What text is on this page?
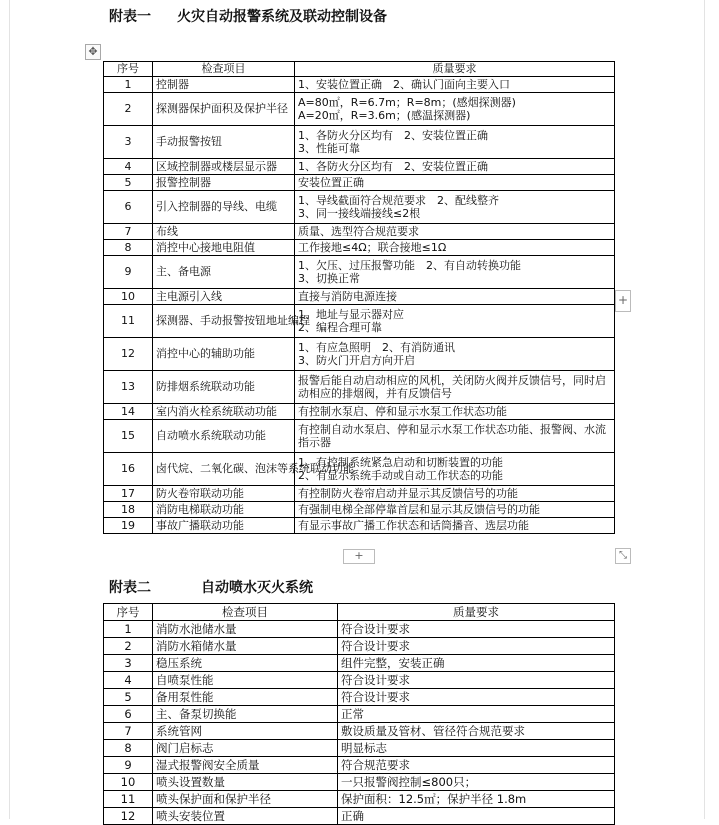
附表一 火灾自动报警系统及联动控制设备
✥
序号	检查项目	质量要求
1	控制器	1、安装位置正确　2、确认门面向主要入口
2	探测器保护面积及保护半径	A=80㎡，R=6.7m；R=8m；(感烟探测器)
A=20㎡，R=3.6m；(感温探测器)
3	手动报警按钮	1、各防火分区均有　2、安装位置正确
3、性能可靠
4	区域控制器或楼层显示器	1、各防火分区均有　2、安装位置正确
5	报警控制器	安装位置正确
6	引入控制器的导线、电缆	1、导线截面符合规范要求　2、配线整齐
3、同一接线端接线≤2根
7	布线	质量、选型符合规范要求
8	消控中心接地电阻值	工作接地≤4Ω；联合接地≤1Ω
9	主、备电源	1、欠压、过压报警功能　2、有自动转换功能
3、切换正常
10	主电源引入线	直接与消防电源连接
11	探测器、手动报警按钮地址编程	1、地址与显示器对应
2、编程合理可靠
12	消控中心的辅助功能	1、有应急照明　2、有消防通讯
3、防火门开启方向开启
13	防排烟系统联动功能	报警后能自动启动相应的风机，关闭防火阀并反馈信号，同时启动相应的排烟阀，并有反馈信号
14	室内消火栓系统联动功能	有控制水泵启、停和显示水泵工作状态功能
15	自动喷水系统联动功能	有控制自动水泵启、停和显示水泵工作状态功能、报警阀、水流指示器
16	卤代烷、二氧化碳、泡沫等系统联动功能	1、有控制系统紧急启动和切断装置的功能
2、有显示系统手动或自动工作状态的功能
17	防火卷帘联动功能	有控制防火卷帘启动并显示其反馈信号的功能
18	消防电梯联动功能	有强制电梯全部停靠首层和显示其反馈信号的功能
19	事故广播联动功能	有显示事故广播工作状态和话筒播音、选层功能
+
+	⤡
附表二	自动喷水灭火系统
序号	检查项目	质量要求
1	消防水池储水量	符合设计要求
2	消防水箱储水量	符合设计要求
3	稳压系统	组件完整，安装正确
4	自喷泵性能	符合设计要求
5	备用泵性能	符合设计要求
6	主、备泵切换能	正常
7	系统管网	敷设质量及管材、管径符合规范要求
8	阀门启标志	明显标志
9	湿式报警阀安全质量	符合规范要求
10	喷头设置数量	一只报警阀控制≤800只；
11	喷头保护面和保护半径	保护面积：12.5㎡；保护半径 1.8m
12	喷头安装位置	正确
